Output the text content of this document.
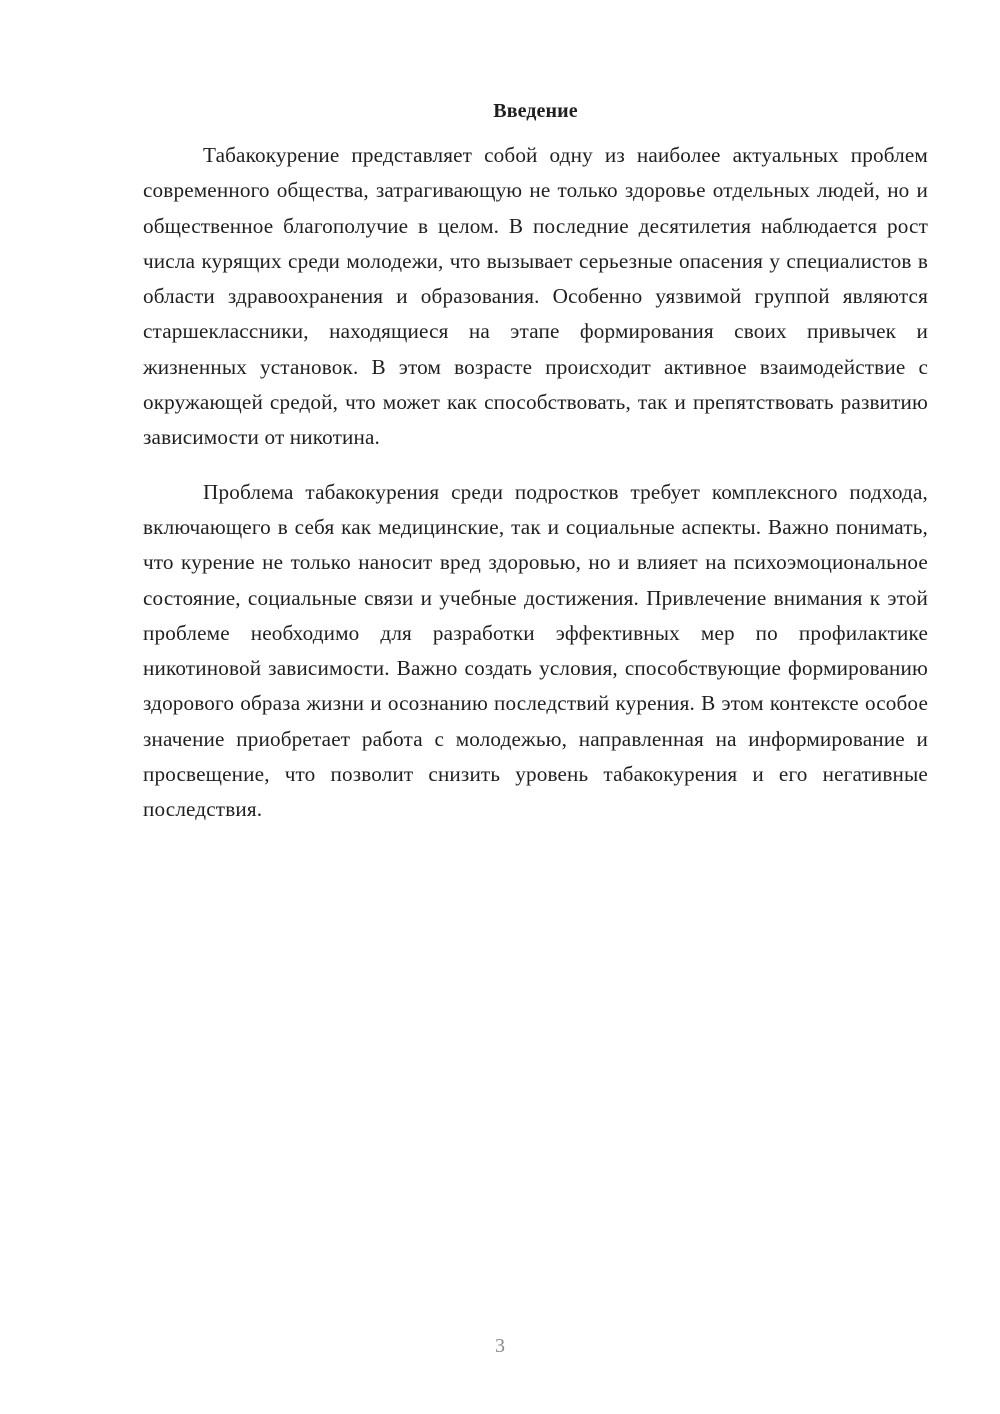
Введение

Табакокурение представляет собой одну из наиболее актуальных проблем современного общества, затрагивающую не только здоровье отдельных людей, но и общественное благополучие в целом. В последние десятилетия наблюдается рост числа курящих среди молодежи, что вызывает серьезные опасения у специалистов в области здравоохранения и образования. Особенно уязвимой группой являются старшеклассники, находящиеся на этапе формирования своих привычек и жизненных установок. В этом возрасте происходит активное взаимодействие с окружающей средой, что может как способствовать, так и препятствовать развитию зависимости от никотина.

Проблема табакокурения среди подростков требует комплексного подхода, включающего в себя как медицинские, так и социальные аспекты. Важно понимать, что курение не только наносит вред здоровью, но и влияет на психоэмоциональное состояние, социальные связи и учебные достижения. Привлечение внимания к этой проблеме необходимо для разработки эффективных мер по профилактике никотиновой зависимости. Важно создать условия, способствующие формированию здорового образа жизни и осознанию последствий курения. В этом контексте особое значение приобретает работа с молодежью, направленная на информирование и просвещение, что позволит снизить уровень табакокурения и его негативные последствия.

3
